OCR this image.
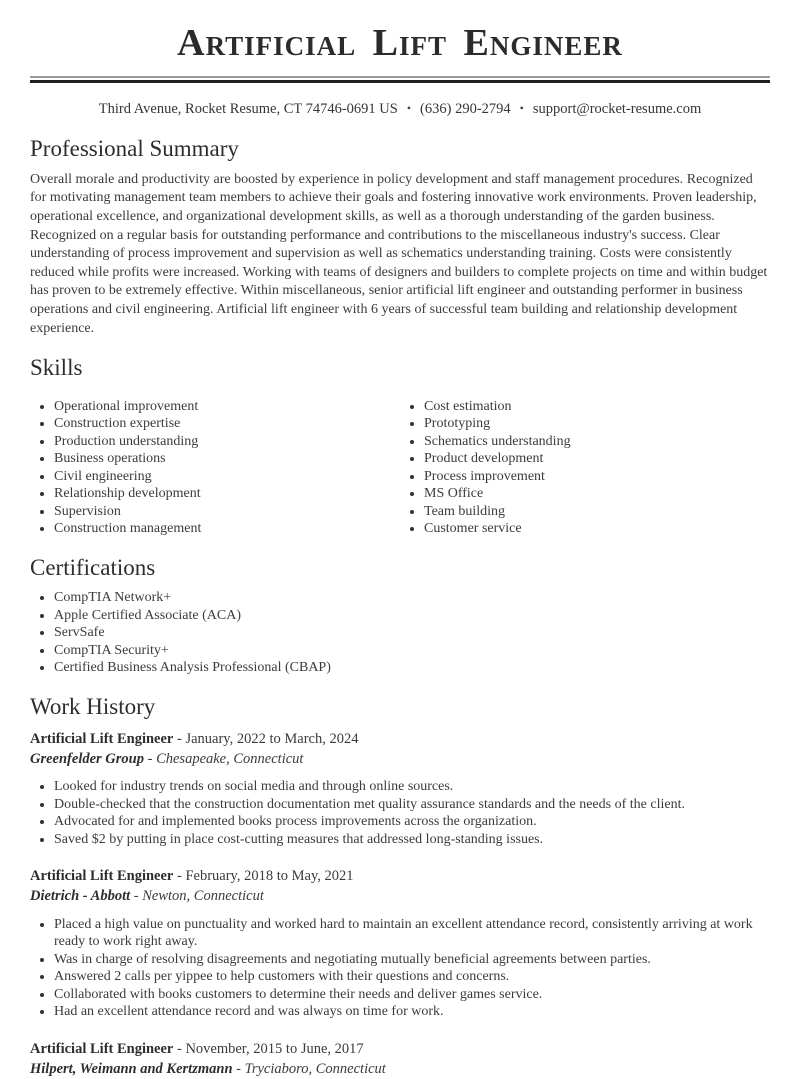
Artificial Lift Engineer
Third Avenue, Rocket Resume, CT 74746-0691 US • (636) 290-2794 • support@rocket-resume.com
Professional Summary

Overall morale and productivity are boosted by experience in policy development and staff management procedures. Recognized for motivating management team members to achieve their goals and fostering innovative work environments. Proven leadership, operational excellence, and organizational development skills, as well as a thorough understanding of the garden business. Recognized on a regular basis for outstanding performance and contributions to the miscellaneous industry's success. Clear understanding of process improvement and supervision as well as schematics understanding training. Costs were consistently reduced while profits were increased. Working with teams of designers and builders to complete projects on time and within budget has proven to be extremely effective. Within miscellaneous, senior artificial lift engineer and outstanding performer in business operations and civil engineering. Artificial lift engineer with 6 years of successful team building and relationship development experience.

Skills
• Operational improvement
• Construction expertise
• Production understanding
• Business operations
• Civil engineering
• Relationship development
• Supervision
• Construction management
• Cost estimation
• Prototyping
• Schematics understanding
• Product development
• Process improvement
• MS Office
• Team building
• Customer service
Certifications
• CompTIA Network+
• Apple Certified Associate (ACA)
• ServSafe
• CompTIA Security+
• Certified Business Analysis Professional (CBAP)
Work History
Artificial Lift Engineer - January, 2022 to March, 2024
Greenfelder Group - Chesapeake, Connecticut
• Looked for industry trends on social media and through online sources.
• Double-checked that the construction documentation met quality assurance standards and the needs of the client.
• Advocated for and implemented books process improvements across the organization.
• Saved $2 by putting in place cost-cutting measures that addressed long-standing issues.
Artificial Lift Engineer - February, 2018 to May, 2021
Dietrich - Abbott - Newton, Connecticut
• Placed a high value on punctuality and worked hard to maintain an excellent attendance record, consistently arriving at work ready to work right away.
• Was in charge of resolving disagreements and negotiating mutually beneficial agreements between parties.
• Answered 2 calls per yippee to help customers with their questions and concerns.
• Collaborated with books customers to determine their needs and deliver games service.
• Had an excellent attendance record and was always on time for work.
Artificial Lift Engineer - November, 2015 to June, 2017
Hilpert, Weimann and Kertzmann - Tryciaboro, Connecticut
